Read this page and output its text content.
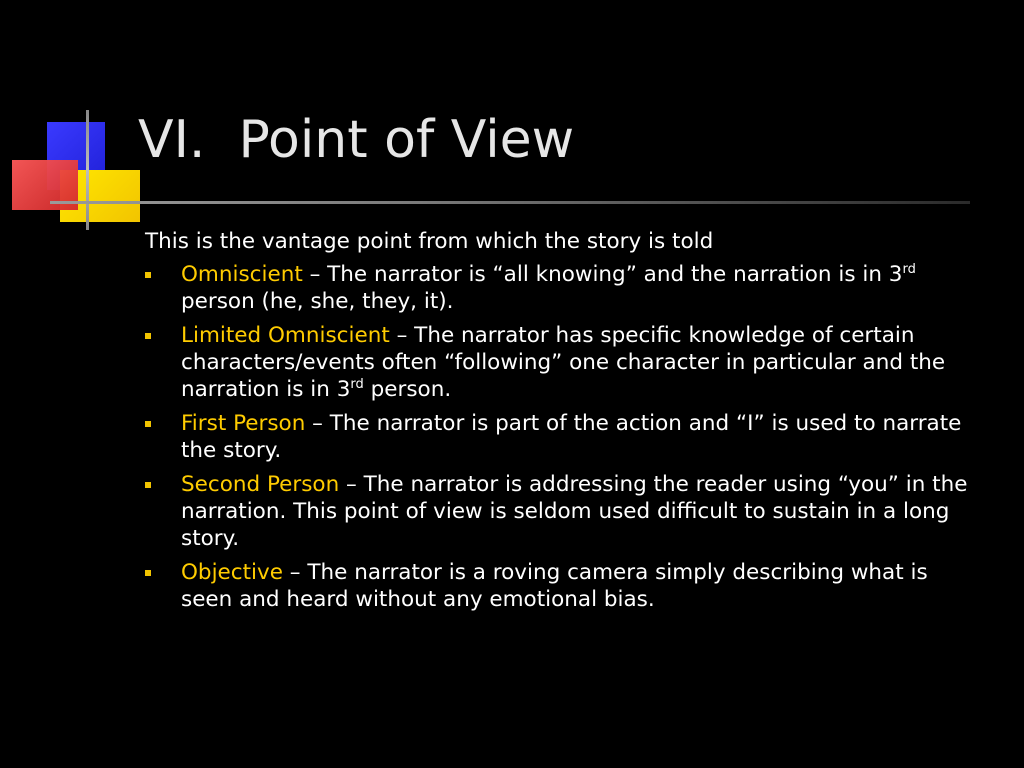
VI.  Point of View

This is the vantage point from which the story is told

Omniscient – The narrator is “all knowing” and the narration is in 3rd person (he, she, they, it).
Limited Omniscient – The narrator has specific knowledge of certain characters/events often “following” one character in particular and the narration is in 3rd person.
First Person – The narrator is part of the action and “I” is used to narrate the story.
Second Person – The narrator is addressing the reader using “you” in the narration. This point of view is seldom used difficult to sustain in a long story.
Objective – The narrator is a roving camera simply describing what is seen and heard without any emotional bias.
